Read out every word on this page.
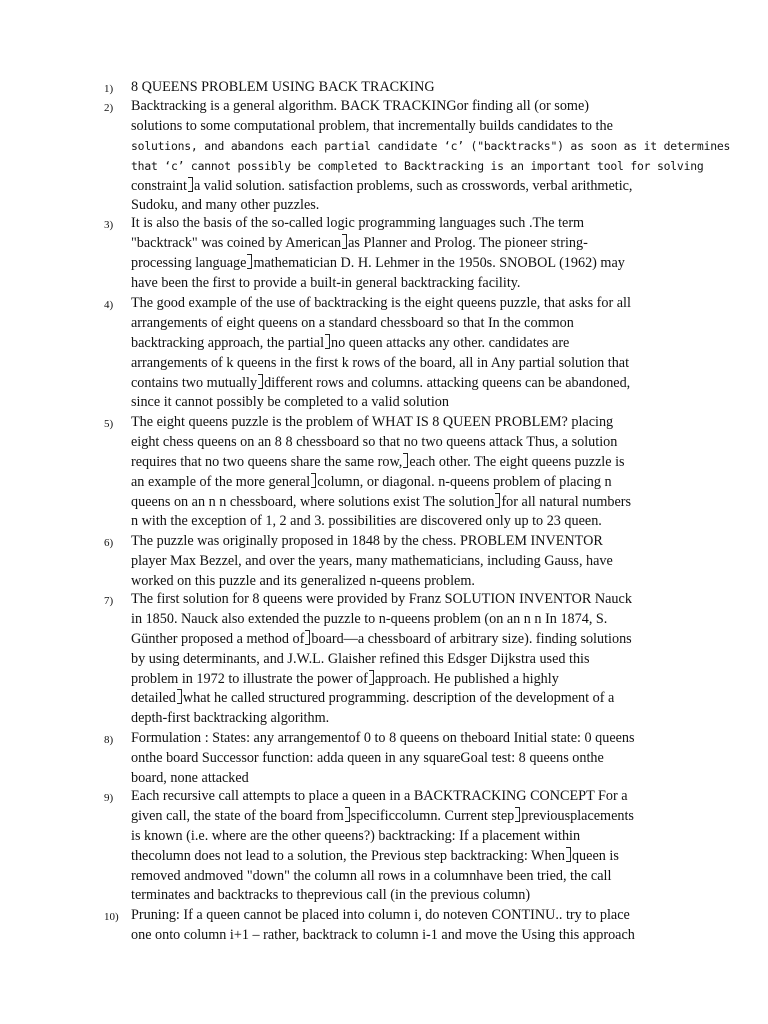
1)	8 QUEENS PROBLEM USING BACK TRACKING
2)	Backtracking is a general algorithm. BACK TRACKINGor finding all (or some)
solutions to some computational problem, that incrementally builds candidates to the
solutions, and abandons each partial candidate ‘c’ ("backtracks") as soon as it determines
that ‘c’ cannot possibly be completed to Backtracking is an important tool for solving
constraint a valid solution. satisfaction problems, such as crosswords, verbal arithmetic,
Sudoku, and many other puzzles.
3)	It is also the basis of the so-called logic programming languages such .The term
"backtrack" was coined by American as Planner and Prolog. The pioneer string-
processing language mathematician D. H. Lehmer in the 1950s. SNOBOL (1962) may
have been the first to provide a built-in general backtracking facility.
4)	The good example of the use of backtracking is the eight queens puzzle, that asks for all
arrangements of eight queens on a standard chessboard so that In the common
backtracking approach, the partial no queen attacks any other. candidates are
arrangements of k queens in the first k rows of the board, all in Any partial solution that
contains two mutually different rows and columns. attacking queens can be abandoned,
since it cannot possibly be completed to a valid solution
5)	The eight queens puzzle is the problem of WHAT IS 8 QUEEN PROBLEM? placing
eight chess queens on an 8 8 chessboard so that no two queens attack Thus, a solution
requires that no two queens share the same row, each other. The eight queens puzzle is
an example of the more general column, or diagonal. n-queens problem of placing n
queens on an n n chessboard, where solutions exist The solution for all natural numbers
n with the exception of 1, 2 and 3. possibilities are discovered only up to 23 queen.
6)	The puzzle was originally proposed in 1848 by the chess. PROBLEM INVENTOR
player Max Bezzel, and over the years, many mathematicians, including Gauss, have
worked on this puzzle and its generalized n-queens problem.
7)	The first solution for 8 queens were provided by Franz SOLUTION INVENTOR Nauck
in 1850. Nauck also extended the puzzle to n-queens problem (on an n n In 1874, S.
Günther proposed a method of board—a chessboard of arbitrary size). finding solutions
by using determinants, and J.W.L. Glaisher refined this Edsger Dijkstra used this
problem in 1972 to illustrate the power of approach. He published a highly
detailed what he called structured programming. description of the development of a
depth-first backtracking algorithm.
8)	Formulation : States: any arrangementof 0 to 8 queens on theboard Initial state: 0 queens
onthe board Successor function: adda queen in any squareGoal test: 8 queens onthe
board, none attacked
9)	Each recursive call attempts to place a queen in a BACKTRACKING CONCEPT For a
given call, the state of the board from specificcolumn. Current step previousplacements
is known (i.e. where are the other queens?) backtracking: If a placement within
thecolumn does not lead to a solution, the Previous step backtracking: When queen is
removed andmoved "down" the column all rows in a columnhave been tried, the call
terminates and backtracks to theprevious call (in the previous column)
10) Pruning: If a queen cannot be placed into column i, do noteven CONTINU.. try to place
one onto column i+1 – rather, backtrack to column i-1 and move the Using this approach
